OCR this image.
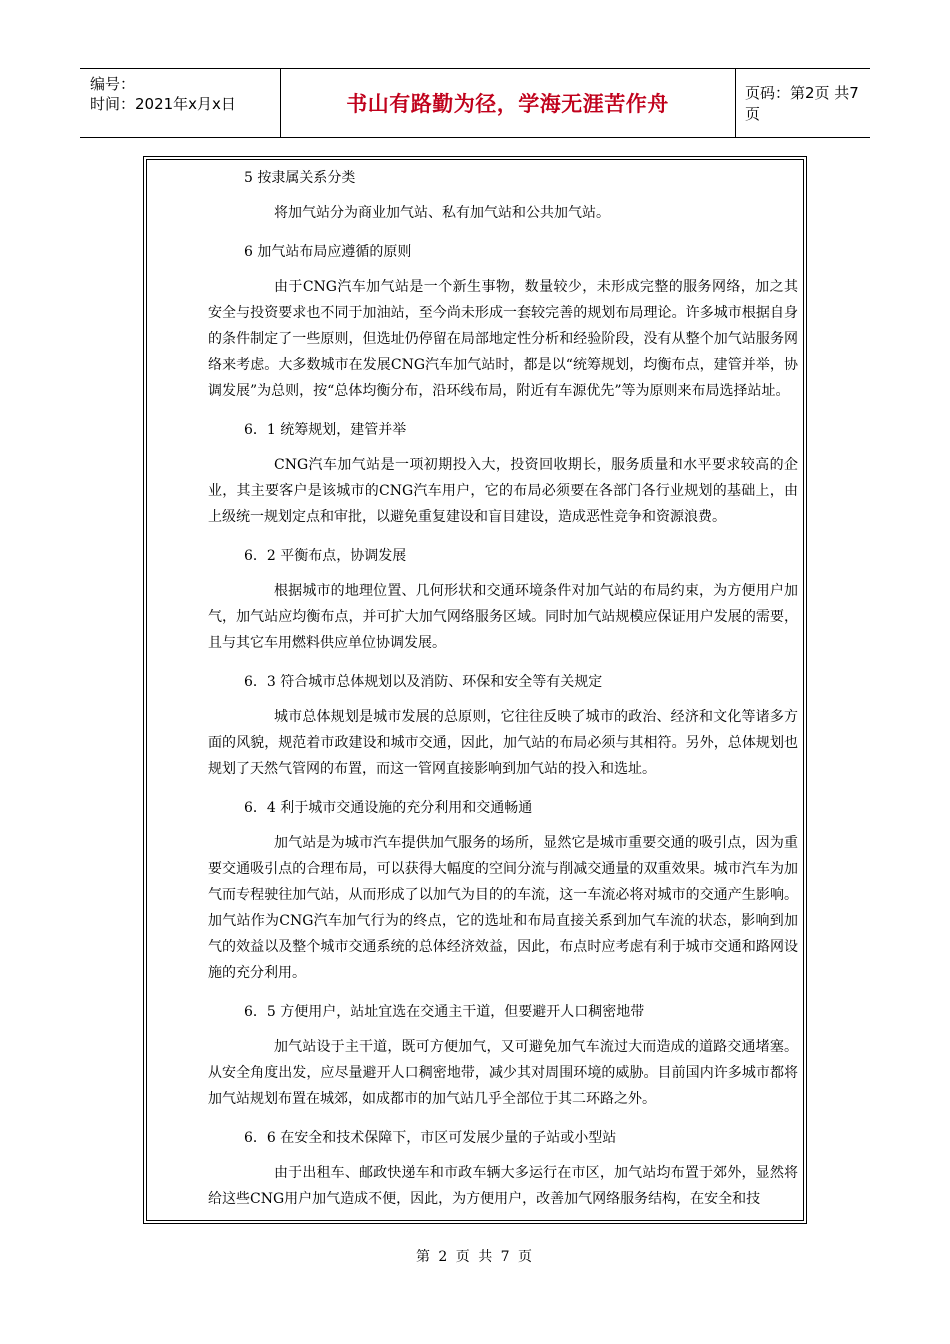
编号：
时间：2021年x月x日	书山有路勤为径，学海无涯苦作舟	页码：第2页 共7页

5 按隶属关系分类

将加气站分为商业加气站、私有加气站和公共加气站。

6 加气站布局应遵循的原则

由于CNG汽车加气站是一个新生事物，数量较少，未形成完整的服务网络，加之其安全与投资要求也不同于加油站，至今尚未形成一套较完善的规划布局理论。许多城市根据自身的条件制定了一些原则，但选址仍停留在局部地定性分析和经验阶段，没有从整个加气站服务网络来考虑。大多数城市在发展CNG汽车加气站时，都是以“统筹规划，均衡布点，建管并举，协调发展”为总则，按“总体均衡分布，沿环线布局，附近有车源优先”等为原则来布局选择站址。

6．1 统筹规划，建管并举

CNG汽车加气站是一项初期投入大，投资回收期长，服务质量和水平要求较高的企业，其主要客户是该城市的CNG汽车用户，它的布局必须要在各部门各行业规划的基础上，由上级统一规划定点和审批，以避免重复建设和盲目建设，造成恶性竞争和资源浪费。

6．2 平衡布点，协调发展

根据城市的地理位置、几何形状和交通环境条件对加气站的布局约束，为方便用户加气，加气站应均衡布点，并可扩大加气网络服务区域。同时加气站规模应保证用户发展的需要，且与其它车用燃料供应单位协调发展。

6．3 符合城市总体规划以及消防、环保和安全等有关规定

城市总体规划是城市发展的总原则，它往往反映了城市的政治、经济和文化等诸多方面的风貌，规范着市政建设和城市交通，因此，加气站的布局必须与其相符。另外，总体规划也规划了天然气管网的布置，而这一管网直接影响到加气站的投入和选址。

6．4 利于城市交通设施的充分利用和交通畅通

加气站是为城市汽车提供加气服务的场所，显然它是城市重要交通的吸引点，因为重要交通吸引点的合理布局，可以获得大幅度的空间分流与削减交通量的双重效果。城市汽车为加气而专程驶往加气站，从而形成了以加气为目的的车流，这一车流必将对城市的交通产生影响。加气站作为CNG汽车加气行为的终点，它的选址和布局直接关系到加气车流的状态，影响到加气的效益以及整个城市交通系统的总体经济效益，因此，布点时应考虑有利于城市交通和路网设施的充分利用。

6．5 方便用户，站址宜选在交通主干道，但要避开人口稠密地带

加气站设于主干道，既可方便加气，又可避免加气车流过大而造成的道路交通堵塞。从安全角度出发，应尽量避开人口稠密地带，减少其对周围环境的威胁。目前国内许多城市都将加气站规划布置在城郊，如成都市的加气站几乎全部位于其二环路之外。

6．6 在安全和技术保障下，市区可发展少量的子站或小型站

由于出租车、邮政快递车和市政车辆大多运行在市区，加气站均布置于郊外，显然将给这些CNG用户加气造成不便，因此，为方便用户，改善加气网络服务结构，在安全和技

第 2 页 共 7 页
